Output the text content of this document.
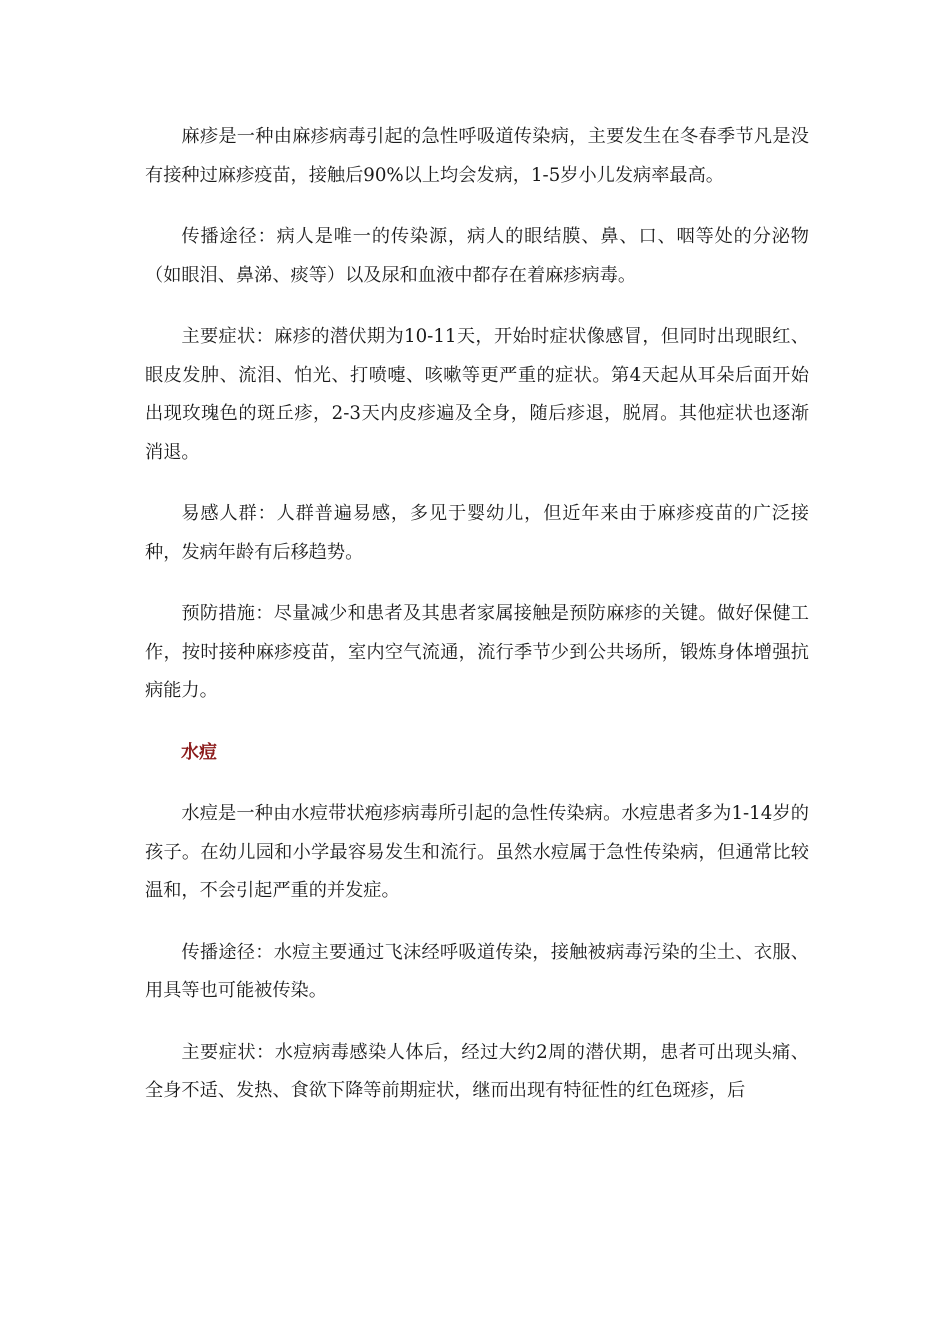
麻疹是一种由麻疹病毒引起的急性呼吸道传染病，主要发生在冬春季节凡是没有接种过麻疹疫苗，接触后90%以上均会发病，1-5岁小儿发病率最高。

传播途径：病人是唯一的传染源，病人的眼结膜、鼻、口、咽等处的分泌物（如眼泪、鼻涕、痰等）以及尿和血液中都存在着麻疹病毒。

主要症状：麻疹的潜伏期为10-11天，开始时症状像感冒，但同时出现眼红、眼皮发肿、流泪、怕光、打喷嚏、咳嗽等更严重的症状。第4天起从耳朵后面开始出现玫瑰色的斑丘疹，2-3天内皮疹遍及全身，随后疹退，脱屑。其他症状也逐渐消退。

易感人群：人群普遍易感，多见于婴幼儿，但近年来由于麻疹疫苗的广泛接种，发病年龄有后移趋势。

预防措施：尽量减少和患者及其患者家属接触是预防麻疹的关键。做好保健工作，按时接种麻疹疫苗，室内空气流通，流行季节少到公共场所，锻炼身体增强抗病能力。

水痘

水痘是一种由水痘带状疱疹病毒所引起的急性传染病。水痘患者多为1-14岁的孩子。在幼儿园和小学最容易发生和流行。虽然水痘属于急性传染病，但通常比较温和，不会引起严重的并发症。

传播途径：水痘主要通过飞沫经呼吸道传染，接触被病毒污染的尘土、衣服、用具等也可能被传染。

主要症状：水痘病毒感染人体后，经过大约2周的潜伏期，患者可出现头痛、全身不适、发热、食欲下降等前期症状，继而出现有特征性的红色斑疹，后
